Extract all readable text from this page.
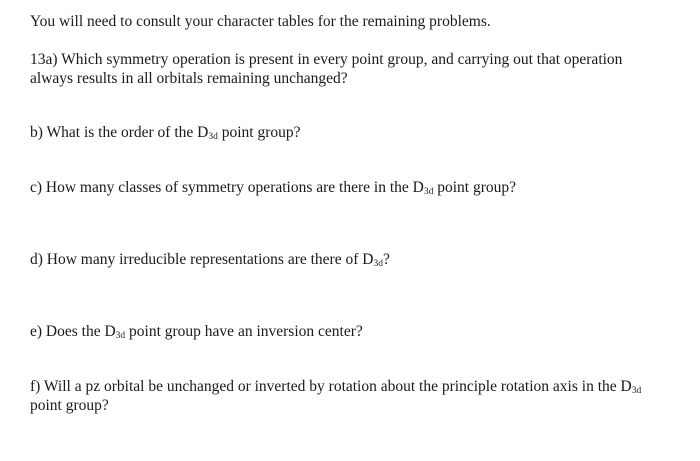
You will need to consult your character tables for the remaining problems.

13a) Which symmetry operation is present in every point group, and carrying out that operation always results in all orbitals remaining unchanged?

b) What is the order of the $D_{3d}$ point group?

c) How many classes of symmetry operations are there in the $D_{3d}$ point group?

d) How many irreducible representations are there of $D_{3d}$?

e) Does the $D_{3d}$ point group have an inversion center?

f) Will a pz orbital be unchanged or inverted by rotation about the principle rotation axis in the $D_{3d}$ point group?
